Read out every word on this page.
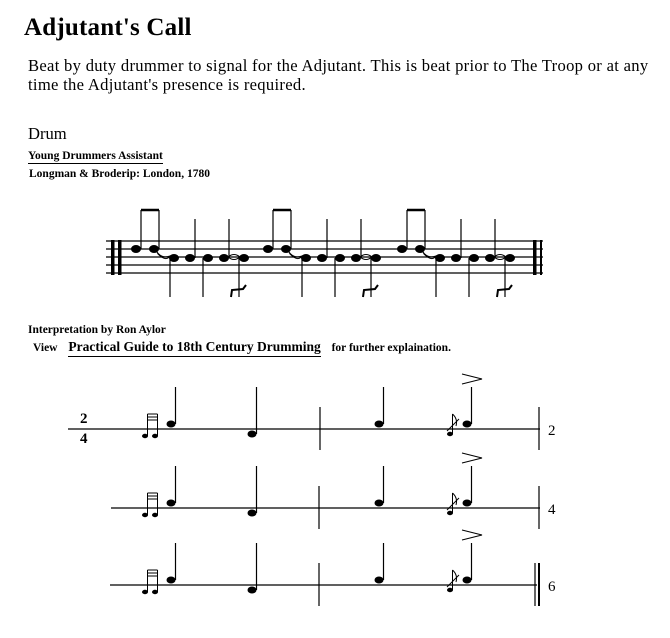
Adjutant's Call

Beat by duty drummer to signal for the Adjutant. This is beat prior to The Troop or at any time the Adjutant's presence is required.

Drum
Young Drummers Assistant
Longman & Broderip: London, 1780
2
4	2
4
6
Interpretation by Ron Aylor
View Practical Guide to 18th Century Drumming for further explaination.
